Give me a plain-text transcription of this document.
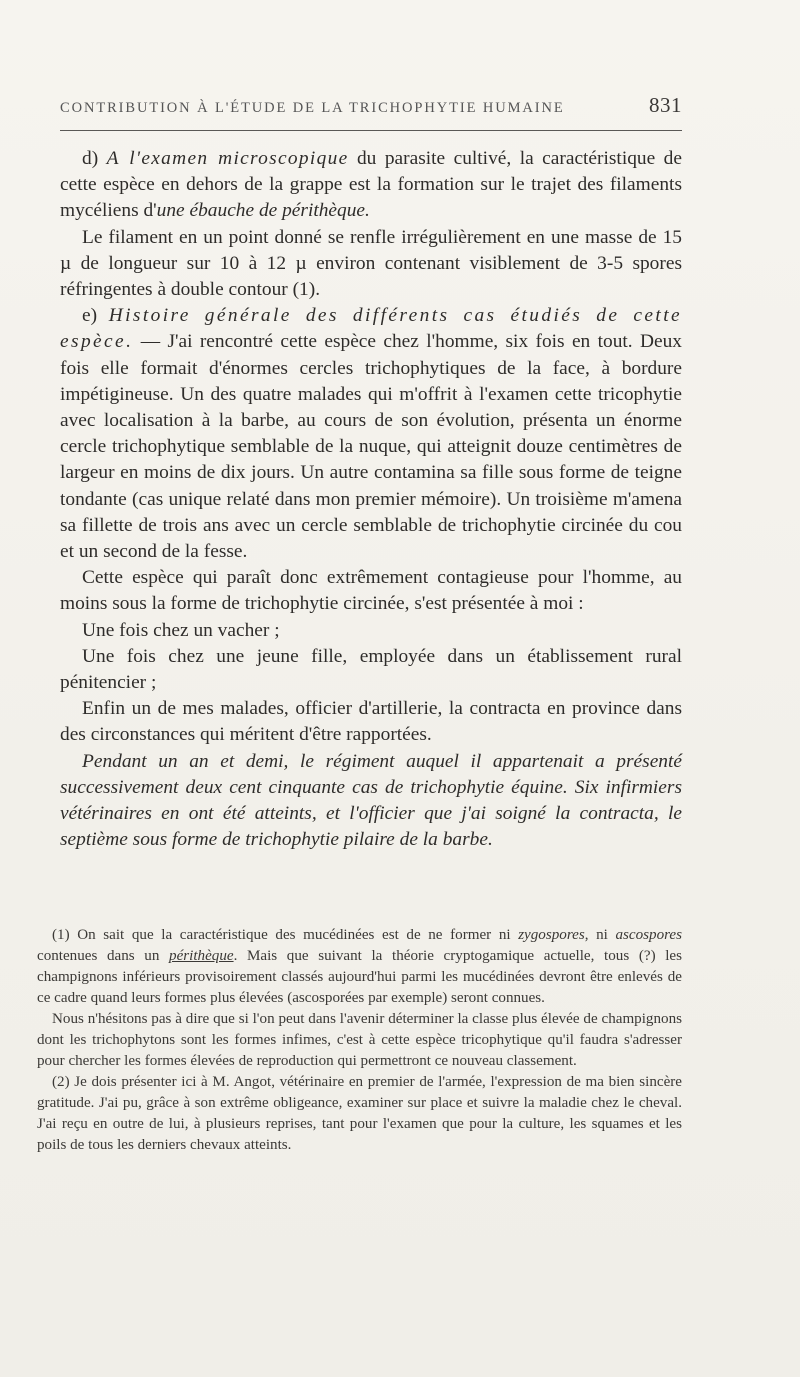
CONTRIBUTION À L'ÉTUDE DE LA TRICHOPHYTIE HUMAINE	831

d) A l'examen microscopique du parasite cultivé, la caractéristique de cette espèce en dehors de la grappe est la formation sur le trajet des filaments mycéliens d'une ébauche de périthèque.

Le filament en un point donné se renfle irrégulièrement en une masse de 15 µ de longueur sur 10 à 12 µ environ contenant visiblement de 3-5 spores réfringentes à double contour (1).

e) Histoire générale des différents cas étudiés de cette espèce. — J'ai rencontré cette espèce chez l'homme, six fois en tout. Deux fois elle formait d'énormes cercles trichophytiques de la face, à bordure impétigineuse. Un des quatre malades qui m'offrit à l'examen cette tricophytie avec localisation à la barbe, au cours de son évolution, présenta un énorme cercle trichophytique semblable de la nuque, qui atteignit douze centimètres de largeur en moins de dix jours. Un autre contamina sa fille sous forme de teigne tondante (cas unique relaté dans mon premier mémoire). Un troisième m'amena sa fillette de trois ans avec un cercle semblable de trichophytie circinée du cou et un second de la fesse.

Cette espèce qui paraît donc extrêmement contagieuse pour l'homme, au moins sous la forme de trichophytie circinée, s'est présentée à moi :

Une fois chez un vacher ;

Une fois chez une jeune fille, employée dans un établissement rural pénitencier ;

Enfin un de mes malades, officier d'artillerie, la contracta en province dans des circonstances qui méritent d'être rapportées.

Pendant un an et demi, le régiment auquel il appartenait a présenté successivement deux cent cinquante cas de trichophytie équine. Six infirmiers vétérinaires en ont été atteints, et l'officier que j'ai soigné la contracta, le septième sous forme de trichophytie pilaire de la barbe.

(1) On sait que la caractéristique des mucédinées est de ne former ni zygospores, ni ascospores contenues dans un périthèque. Mais que suivant la théorie cryptogamique actuelle, tous (?) les champignons inférieurs provisoirement classés aujourd'hui parmi les mucédinées devront être enlevés de ce cadre quand leurs formes plus élevées (ascosporées par exemple) seront connues.

Nous n'hésitons pas à dire que si l'on peut dans l'avenir déterminer la classe plus élevée de champignons dont les trichophytons sont les formes infimes, c'est à cette espèce tricophytique qu'il faudra s'adresser pour chercher les formes élevées de reproduction qui permettront ce nouveau classement.

(2) Je dois présenter ici à M. Angot, vétérinaire en premier de l'armée, l'expression de ma bien sincère gratitude. J'ai pu, grâce à son extrême obligeance, examiner sur place et suivre la maladie chez le cheval. J'ai reçu en outre de lui, à plusieurs reprises, tant pour l'examen que pour la culture, les squames et les poils de tous les derniers chevaux atteints.
